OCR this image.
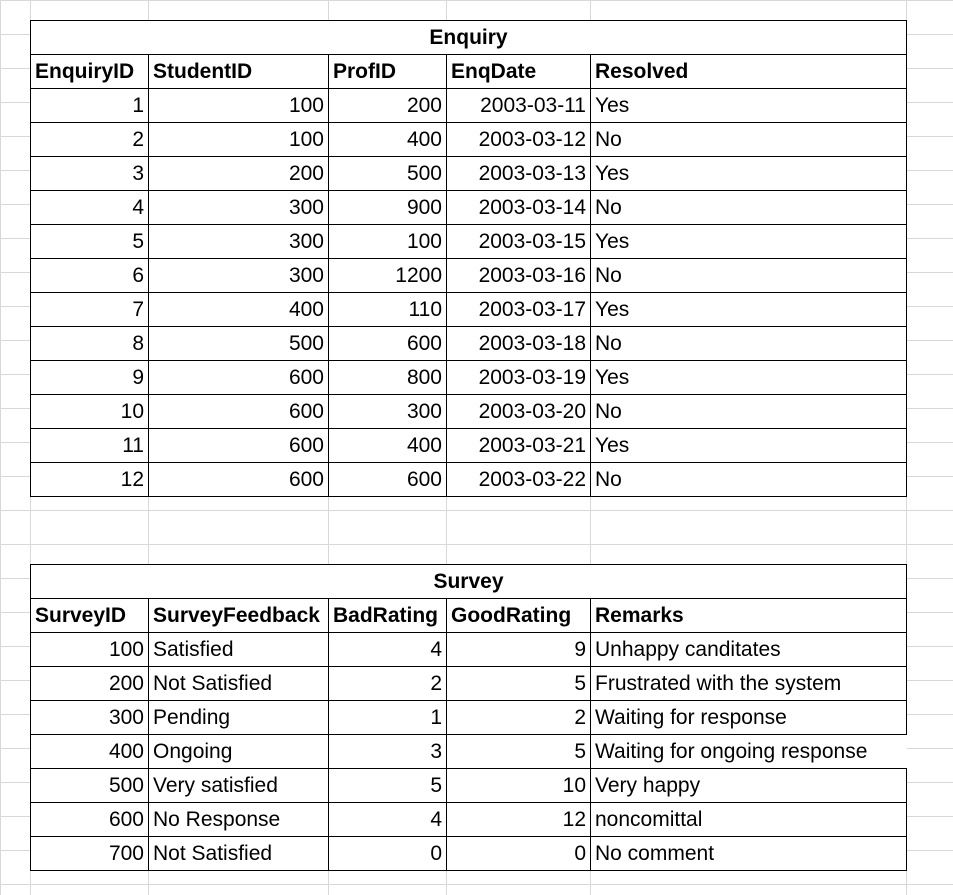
Enquiry				
EnquiryID	StudentID	ProfID	EnqDate	Resolved
1	100	200	2003-03-11	Yes
2	100	400	2003-03-12	No
3	200	500	2003-03-13	Yes
4	300	900	2003-03-14	No
5	300	100	2003-03-15	Yes
6	300	1200	2003-03-16	No
7	400	110	2003-03-17	Yes
8	500	600	2003-03-18	No
9	600	800	2003-03-19	Yes
10	600	300	2003-03-20	No
11	600	400	2003-03-21	Yes
12	600	600	2003-03-22	No
Survey				
SurveyID	SurveyFeedback	BadRating	GoodRating	Remarks
100	Satisfied	4	9	Unhappy canditates
200	Not Satisfied	2	5	Frustrated with the system
300	Pending	1	2	Waiting for response
400	Ongoing	3	5	Waiting for ongoing response
500	Very satisfied	5	10	Very happy
600	No Response	4	12	noncomittal
700	Not Satisfied	0	0	No comment
